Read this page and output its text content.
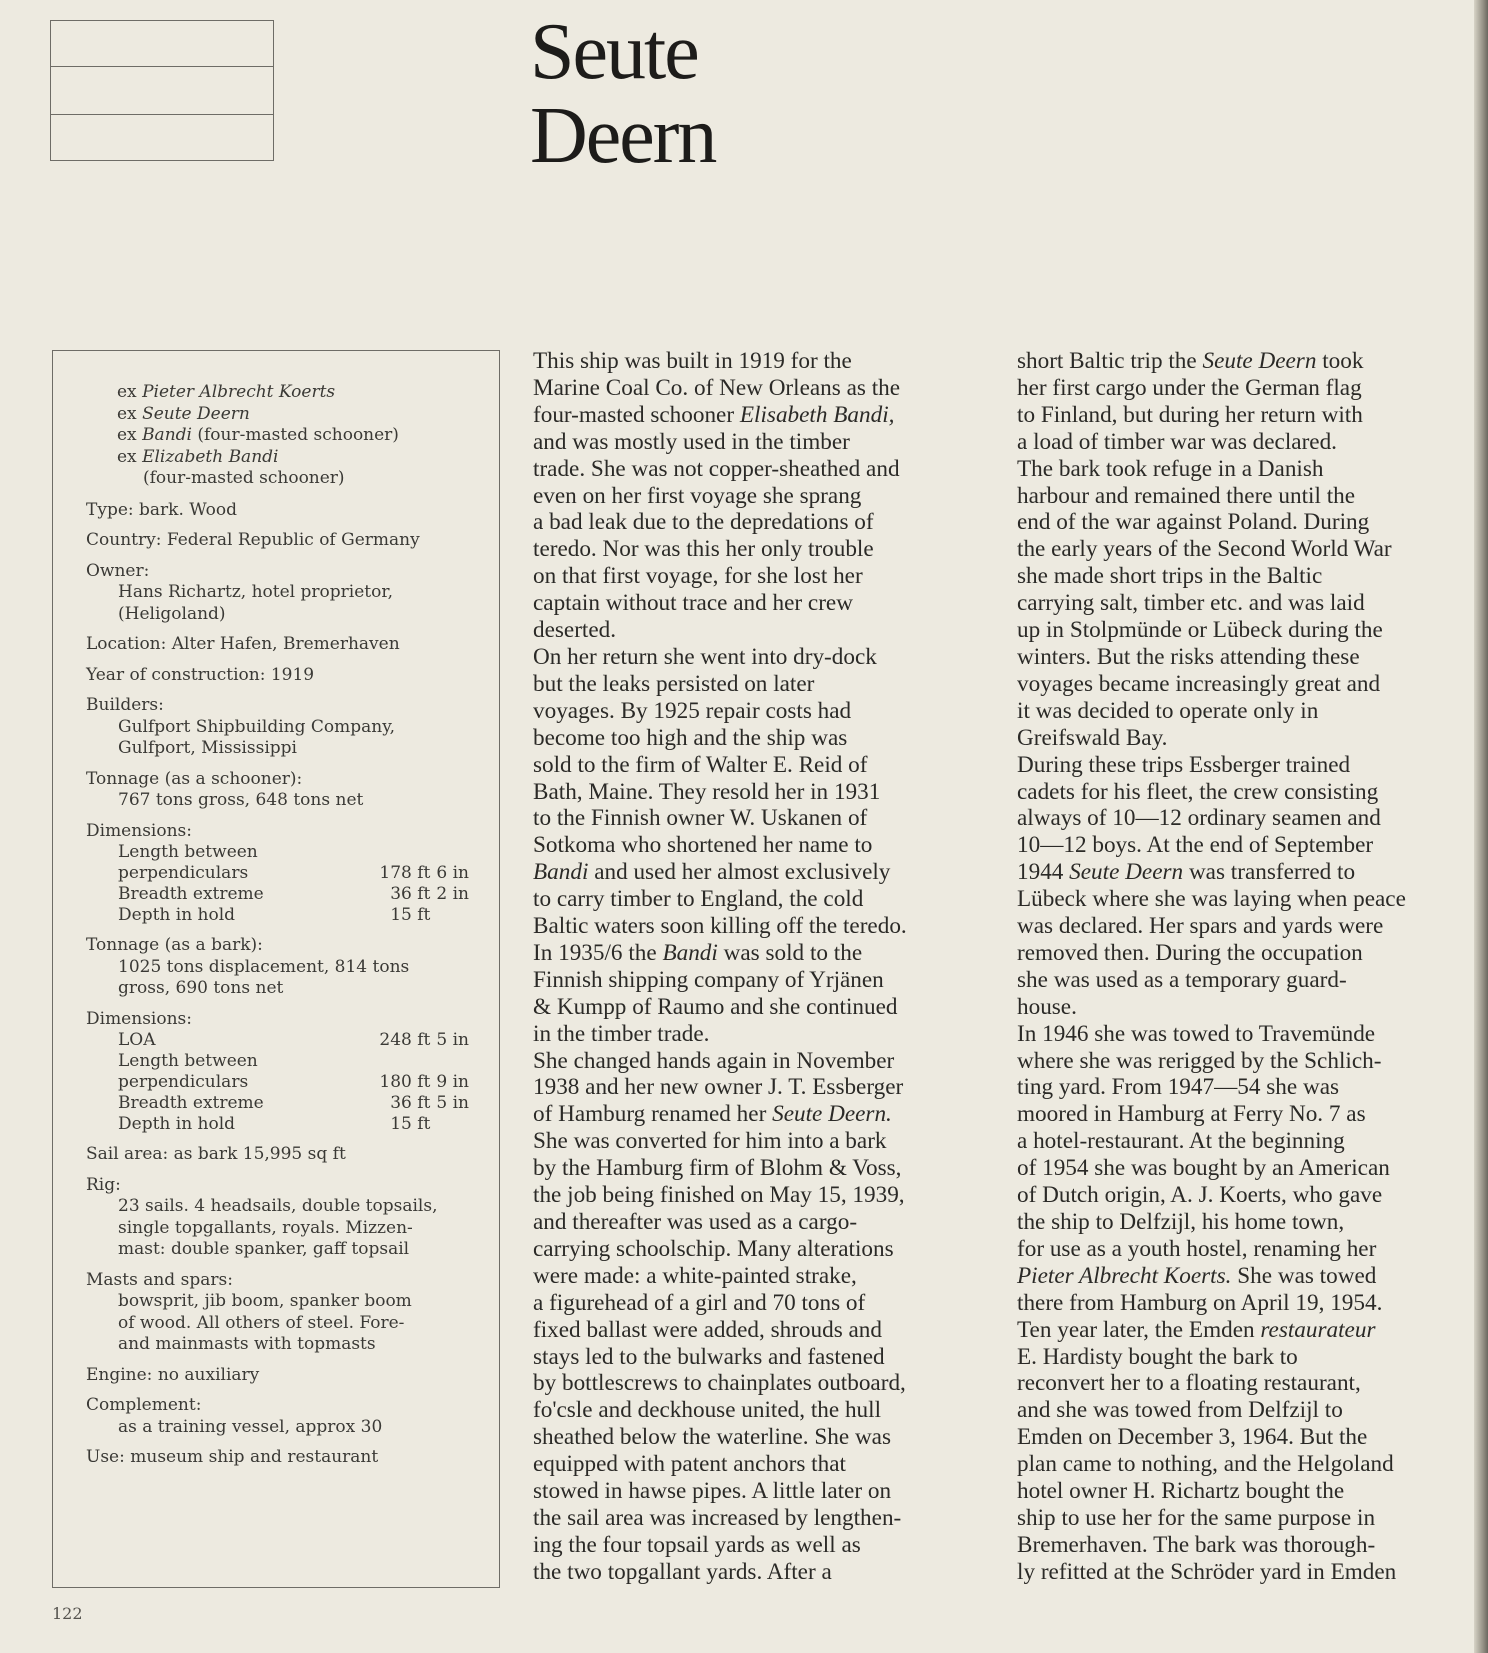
Seute
Deern
ex Pieter Albrecht Koerts
ex Seute Deern
ex Bandi (four-masted schooner)
ex Elizabeth Bandi
(four-masted schooner)
Type: bark. Wood
Country: Federal Republic of Germany
Owner:
Hans Richartz, hotel proprietor,
(Heligoland)
Location: Alter Hafen, Bremerhaven
Year of construction: 1919
Builders:
Gulfport Shipbuilding Company,
Gulfport, Mississippi
Tonnage (as a schooner):
767 tons gross, 648 tons net
Dimensions:
Length between		
perpendiculars	178 ft	6 in
Breadth extreme	36 ft	2 in
Depth in hold	15 ft	
Tonnage (as a bark):
1025 tons displacement, 814 tons
gross, 690 tons net
Dimensions:
LOA	248 ft	5 in
Length between		
perpendiculars	180 ft	9 in
Breadth extreme	36 ft	5 in
Depth in hold	15 ft	
Sail area: as bark 15,995 sq ft
Rig:
23 sails. 4 headsails, double topsails,
single topgallants, royals. Mizzen-
mast: double spanker, gaff topsail
Masts and spars:
bowsprit, jib boom, spanker boom
of wood. All others of steel. Fore-
and mainmasts with topmasts
Engine: no auxiliary
Complement:
as a training vessel, approx 30
Use: museum ship and restaurant

This ship was built in 1919 for the
Marine Coal Co. of New Orleans as the
four-masted schooner Elisabeth Bandi,
and was mostly used in the timber
trade. She was not copper-sheathed and
even on her first voyage she sprang
a bad leak due to the depredations of
teredo. Nor was this her only trouble
on that first voyage, for she lost her
captain without trace and her crew
deserted.

On her return she went into dry-dock
but the leaks persisted on later
voyages. By 1925 repair costs had
become too high and the ship was
sold to the firm of Walter E. Reid of
Bath, Maine. They resold her in 1931
to the Finnish owner W. Uskanen of
Sotkoma who shortened her name to
Bandi and used her almost exclusively
to carry timber to England, the cold
Baltic waters soon killing off the teredo.
In 1935/6 the Bandi was sold to the
Finnish shipping company of Yrjänen
& Kumpp of Raumo and she continued
in the timber trade.

She changed hands again in November
1938 and her new owner J. T. Essberger
of Hamburg renamed her Seute Deern.
She was converted for him into a bark
by the Hamburg firm of Blohm & Voss,
the job being finished on May 15, 1939,
and thereafter was used as a cargo-
carrying schoolschip. Many alterations
were made: a white-painted strake,
a figurehead of a girl and 70 tons of
fixed ballast were added, shrouds and
stays led to the bulwarks and fastened
by bottlescrews to chainplates outboard,
fo'csle and deckhouse united, the hull
sheathed below the waterline. She was
equipped with patent anchors that
stowed in hawse pipes. A little later on
the sail area was increased by lengthen-
ing the four topsail yards as well as
the two topgallant yards. After a

short Baltic trip the Seute Deern took
her first cargo under the German flag
to Finland, but during her return with
a load of timber war was declared.
The bark took refuge in a Danish
harbour and remained there until the
end of the war against Poland. During
the early years of the Second World War
she made short trips in the Baltic
carrying salt, timber etc. and was laid
up in Stolpmünde or Lübeck during the
winters. But the risks attending these
voyages became increasingly great and
it was decided to operate only in
Greifswald Bay.

During these trips Essberger trained
cadets for his fleet, the crew consisting
always of 10—12 ordinary seamen and
10—12 boys. At the end of September
1944 Seute Deern was transferred to
Lübeck where she was laying when peace
was declared. Her spars and yards were
removed then. During the occupation
she was used as a temporary guard-
house.

In 1946 she was towed to Travemünde
where she was rerigged by the Schlich-
ting yard. From 1947—54 she was
moored in Hamburg at Ferry No. 7 as
a hotel-restaurant. At the beginning
of 1954 she was bought by an American
of Dutch origin, A. J. Koerts, who gave
the ship to Delfzijl, his home town,
for use as a youth hostel, renaming her
Pieter Albrecht Koerts. She was towed
there from Hamburg on April 19, 1954.
Ten year later, the Emden restaurateur
E. Hardisty bought the bark to
reconvert her to a floating restaurant,
and she was towed from Delfzijl to
Emden on December 3, 1964. But the
plan came to nothing, and the Helgoland
hotel owner H. Richartz bought the
ship to use her for the same purpose in
Bremerhaven. The bark was thorough-
ly refitted at the Schröder yard in Emden

122
